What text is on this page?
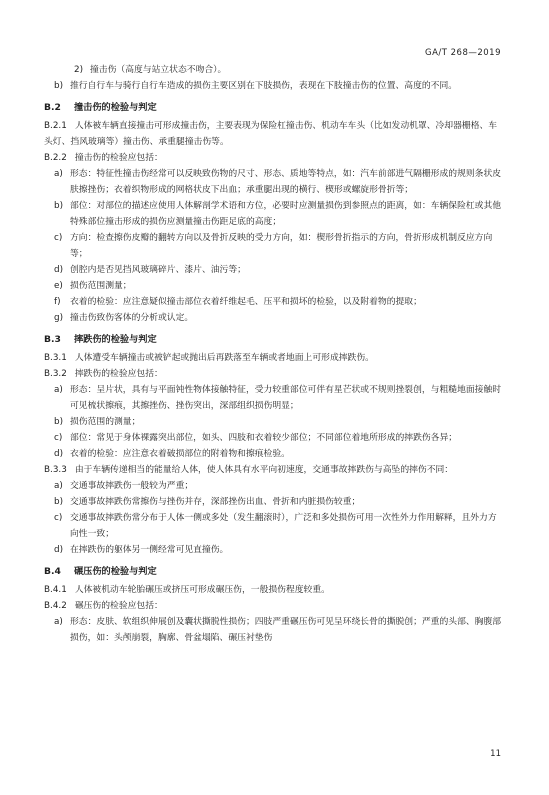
GA/T 268—2019
2) 撞击伤（高度与站立状态不吻合）。
b) 推行自行车与骑行自行车造成的损伤主要区别在下肢损伤，表现在下肢撞击伤的位置、高度的不同。
B.2 撞击伤的检验与判定
B.2.1 人体被车辆直接撞击可形成撞击伤，主要表现为保险杠撞击伤、机动车车头（比如发动机罩、冷却器栅格、车头灯、挡风玻璃等）撞击伤、承重腿撞击伤等。
B.2.2 撞击伤的检验应包括：
a) 形态：特征性撞击伤经常可以反映致伤物的尺寸、形态、质地等特点，如：汽车前部进气隔栅形成的规则条状皮肤擦挫伤；衣着织物形成的网格状皮下出血；承重腿出现的横行、楔形或螺旋形骨折等；
b) 部位：对部位的描述应使用人体解剖学术语和方位，必要时应测量损伤到参照点的距离，如：车辆保险杠或其他特殊部位撞击形成的损伤应测量撞击伤距足底的高度；
c) 方向：检查擦伤皮瓣的翻转方向以及骨折反映的受力方向，如：楔形骨折指示的方向，骨折形成机制反应方向等；
d) 创腔内是否见挡风玻璃碎片、漆片、油污等；
e) 损伤范围测量；
f) 衣着的检验：应注意疑似撞击部位衣着纤维起毛、压平和损坏的检验，以及附着物的提取；
g) 撞击伤致伤客体的分析或认定。
B.3 摔跌伤的检验与判定
B.3.1 人体遭受车辆撞击或被铲起或抛出后再跌落至车辆或者地面上可形成摔跌伤。
B.3.2 摔跌伤的检验应包括：
a) 形态：呈片状，具有与平面钝性物体接触特征，受力较重部位可伴有星芒状或不规则挫裂创，与粗糙地面接触时可见梳状擦痕，其擦挫伤、挫伤突出，深部组织损伤明显；
b) 损伤范围的测量；
c) 部位：常见于身体裸露突出部位，如头、四肢和衣着较少部位；不同部位着地所形成的摔跌伤各异；
d) 衣着的检验：应注意衣着破损部位的附着物和擦痕检验。
B.3.3 由于车辆传递相当的能量给人体，使人体具有水平向初速度，交通事故摔跌伤与高坠的摔伤不同：
a) 交通事故摔跌伤一般较为严重；
b) 交通事故摔跌伤常擦伤与挫伤并存，深部挫伤出血、骨折和内脏损伤较重；
c) 交通事故摔跌伤常分布于人体一侧或多处（发生翻滚时），广泛和多处损伤可用一次性外力作用解释，且外力方向性一致；
d) 在摔跌伤的躯体另一侧经常可见直撞伤。
B.4 碾压伤的检验与判定
B.4.1 人体被机动车轮胎碾压或挤压可形成碾压伤，一般损伤程度较重。
B.4.2 碾压伤的检验应包括：
a) 形态：皮肤、软组织伸展创及囊状撕脱性损伤；四肢严重碾压伤可见呈环绕长骨的撕脱创；严重的头部、胸腹部损伤，如：头颅崩裂，胸廓、骨盆塌陷、碾压衬垫伤
11
